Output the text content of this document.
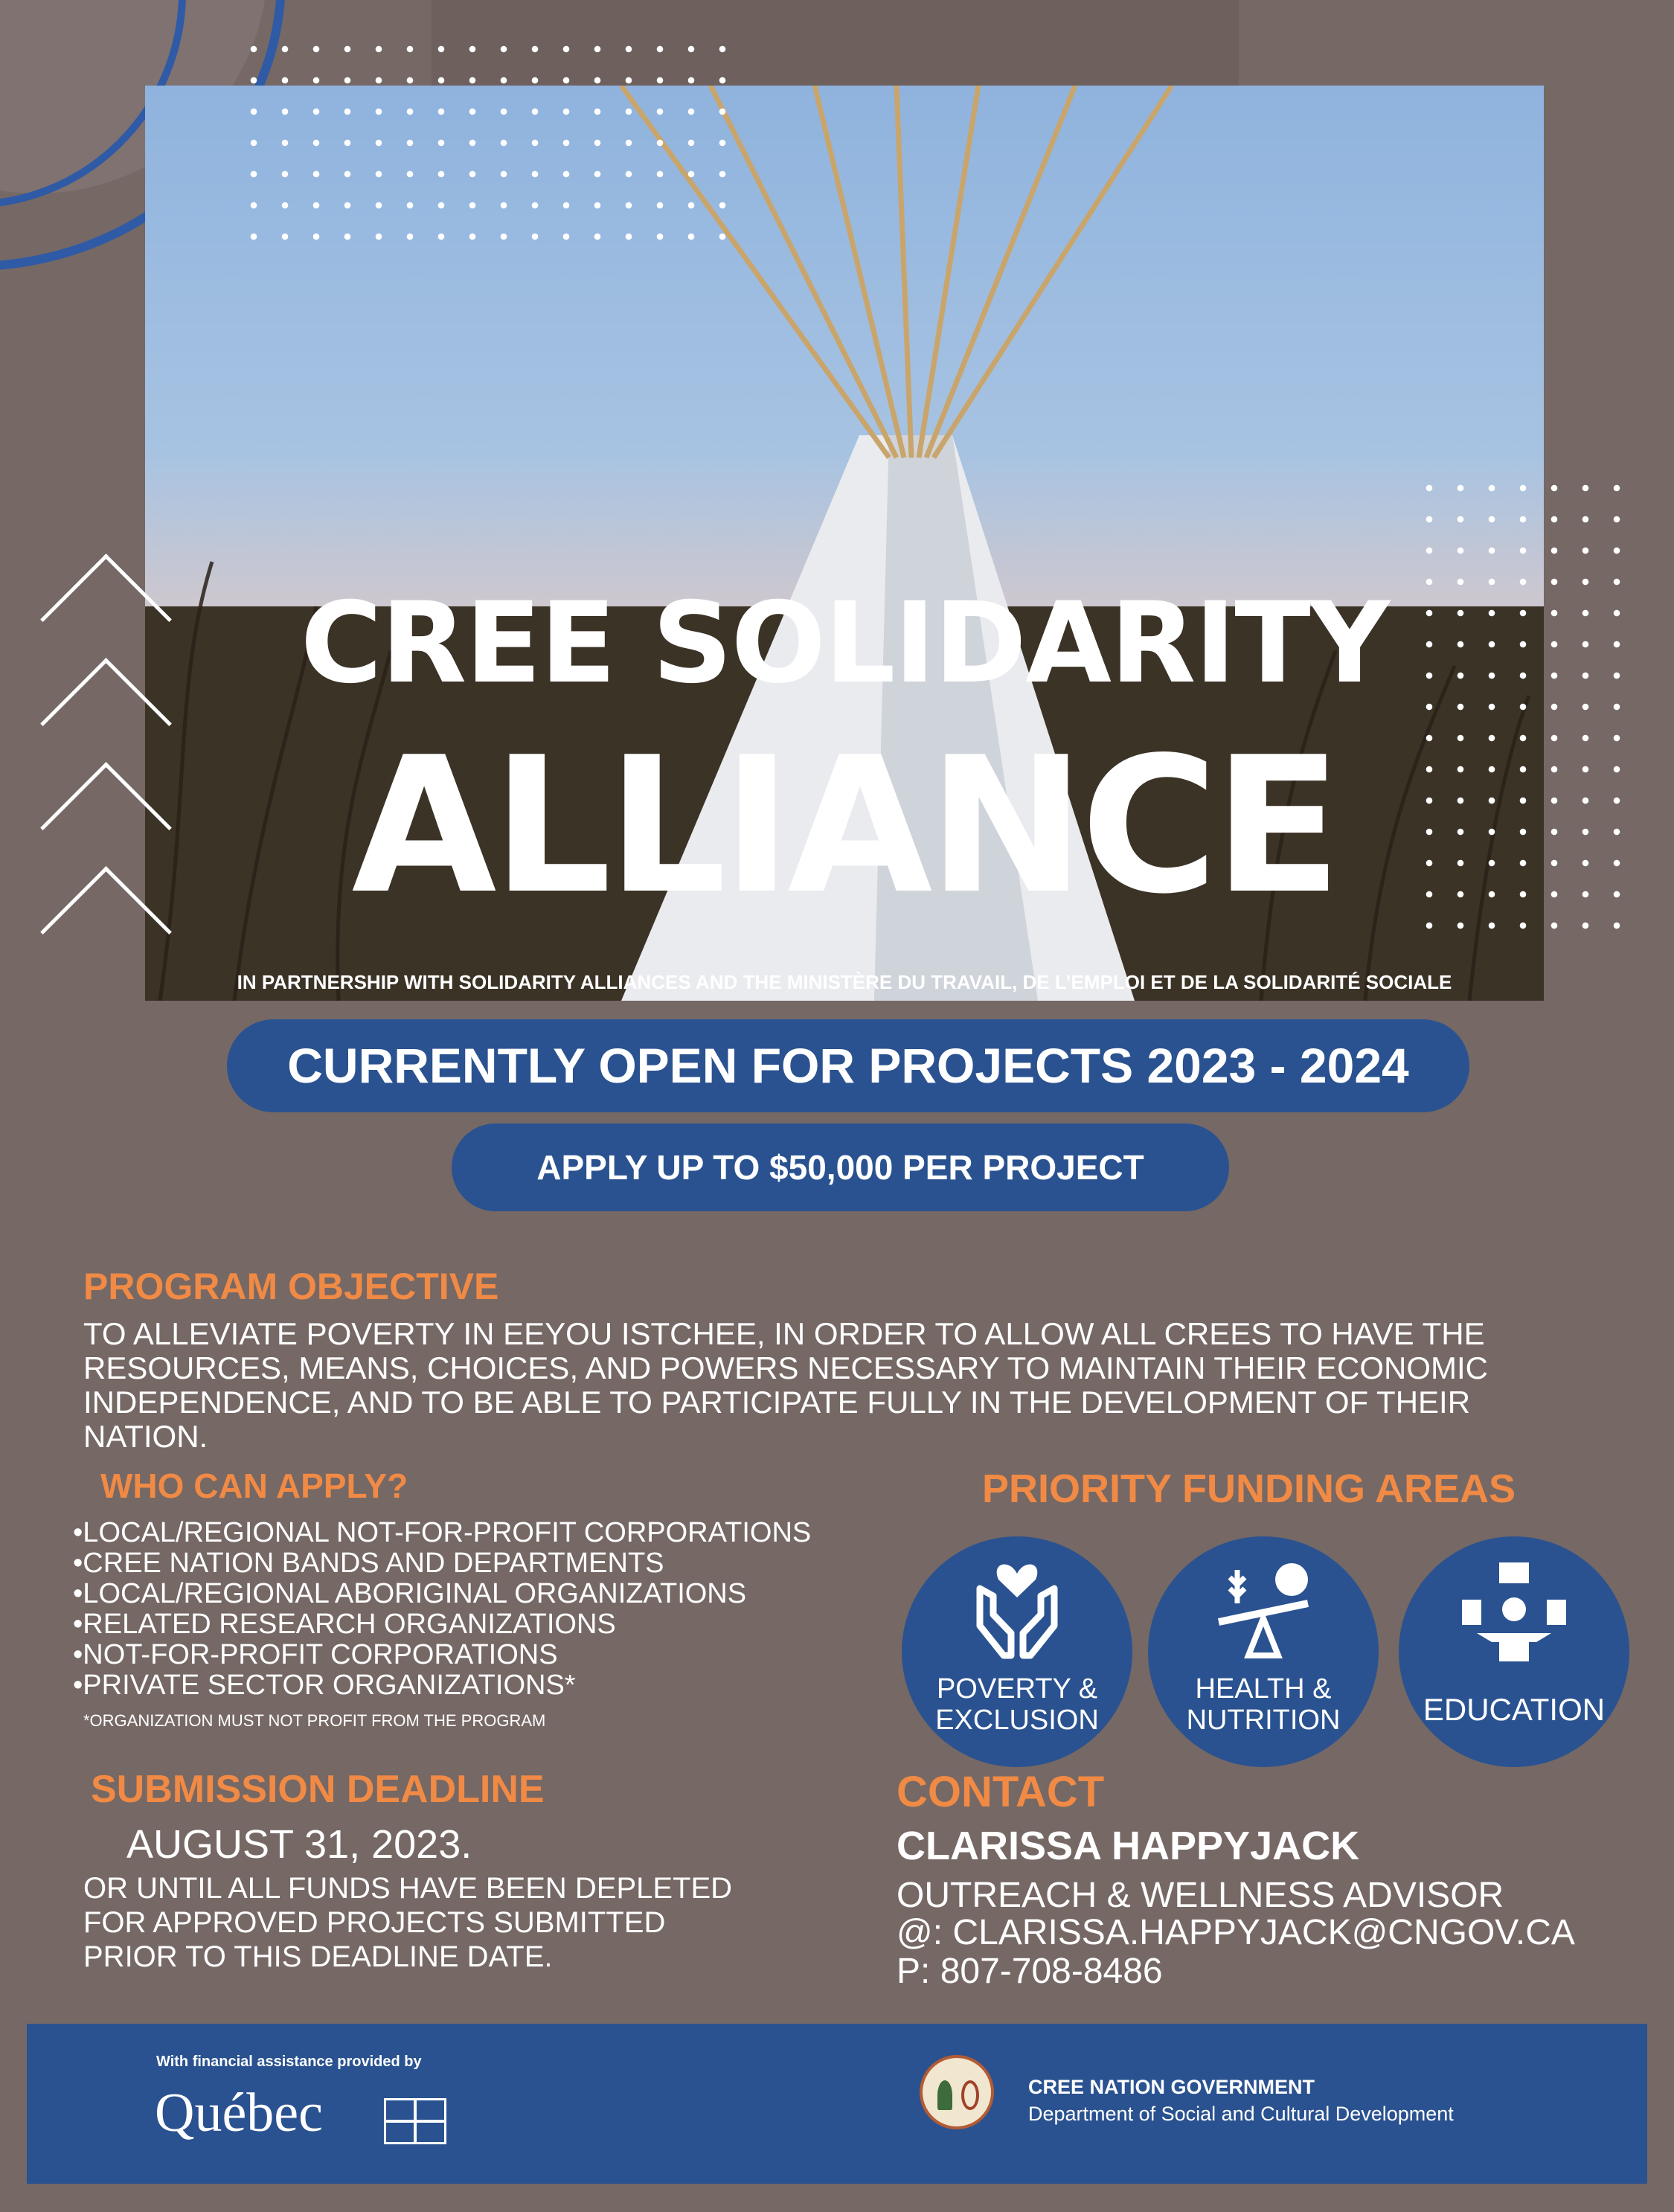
CREE SOLIDARITY
ALLIANCE
IN PARTNERSHIP WITH SOLIDARITY ALLIANCES AND THE MINISTÈRE DU TRAVAIL, DE L’EMPLOI ET DE LA SOLIDARITÉ SOCIALE
CURRENTLY OPEN FOR PROJECTS 2023 - 2024
APPLY UP TO $50,000 PER PROJECT
PROGRAM OBJECTIVE
TO ALLEVIATE POVERTY IN EEYOU ISTCHEE, IN ORDER TO ALLOW ALL CREES TO HAVE THE
RESOURCES, MEANS, CHOICES, AND POWERS NECESSARY TO MAINTAIN THEIR ECONOMIC
INDEPENDENCE, AND TO BE ABLE TO PARTICIPATE FULLY IN THE DEVELOPMENT OF THEIR
NATION.
WHO CAN APPLY?
•LOCAL/REGIONAL NOT-FOR-PROFIT CORPORATIONS
•CREE NATION BANDS AND DEPARTMENTS
•LOCAL/REGIONAL ABORIGINAL ORGANIZATIONS
•RELATED RESEARCH ORGANIZATIONS
•NOT-FOR-PROFIT CORPORATIONS
•PRIVATE SECTOR ORGANIZATIONS*
*ORGANIZATION MUST NOT PROFIT FROM THE PROGRAM
PRIORITY FUNDING AREAS
POVERTY &
EXCLUSION
HEALTH &
NUTRITION	EDUCATION
SUBMISSION DEADLINE
AUGUST 31, 2023.
OR UNTIL ALL FUNDS HAVE BEEN DEPLETED
FOR APPROVED PROJECTS SUBMITTED
PRIOR TO THIS DEADLINE DATE.
CONTACT
CLARISSA HAPPYJACK
OUTREACH & WELLNESS ADVISOR
@: CLARISSA.HAPPYJACK@CNGOV.CA
P: 807-708-8486
With financial assistance provided by
Québec	CREE NATION GOVERNMENT
Department of Social and Cultural Development
